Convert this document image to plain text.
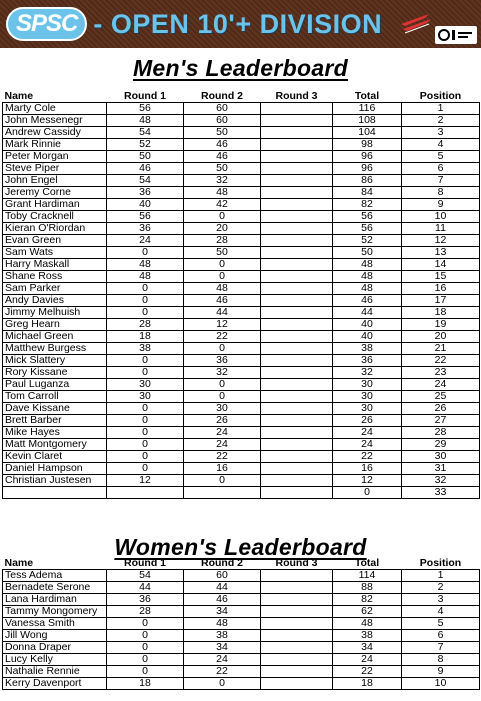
SPSC - OPEN 10'+ DIVISION
Men's Leaderboard
Name	Round 1	Round 2	Round 3	Total	Position
Marty Cole	56	60		116	1
John Messenegr	48	60		108	2
Andrew Cassidy	54	50		104	3
Mark Rinnie	52	46		98	4
Peter Morgan	50	46		96	5
Steve Piper	46	50		96	6
John Engel	54	32		86	7
Jeremy Corne	36	48		84	8
Grant Hardiman	40	42		82	9
Toby Cracknell	56	0		56	10
Kieran O'Riordan	36	20		56	11
Evan Green	24	28		52	12
Sam Wats	0	50		50	13
Harry Maskall	48	0		48	14
Shane Ross	48	0		48	15
Sam Parker	0	48		48	16
Andy Davies	0	46		46	17
Jimmy Melhuish	0	44		44	18
Greg Hearn	28	12		40	19
Michael Green	18	22		40	20
Matthew Burgess	38	0		38	21
Mick Slattery	0	36		36	22
Rory Kissane	0	32		32	23
Paul Luganza	30	0		30	24
Tom Carroll	30	0		30	25
Dave Kissane	0	30		30	26
Brett Barber	0	26		26	27
Mike Hayes	0	24		24	28
Matt Montgomery	0	24		24	29
Kevin Claret	0	22		22	30
Daniel Hampson	0	16		16	31
Christian Justesen	12	0		12	32
				0	33
Women's Leaderboard
Name	Round 1	Round 2	Round 3	Total	Position
Tess Adema	54	60		114	1
Bernadete Serone	44	44		88	2
Lana Hardiman	36	46		82	3
Tammy Mongomery	28	34		62	4
Vanessa Smith	0	48		48	5
Jill Wong	0	38		38	6
Donna Draper	0	34		34	7
Lucy Kelly	0	24		24	8
Nathalie Rennie	0	22		22	9
Kerry Davenport	18	0		18	10
